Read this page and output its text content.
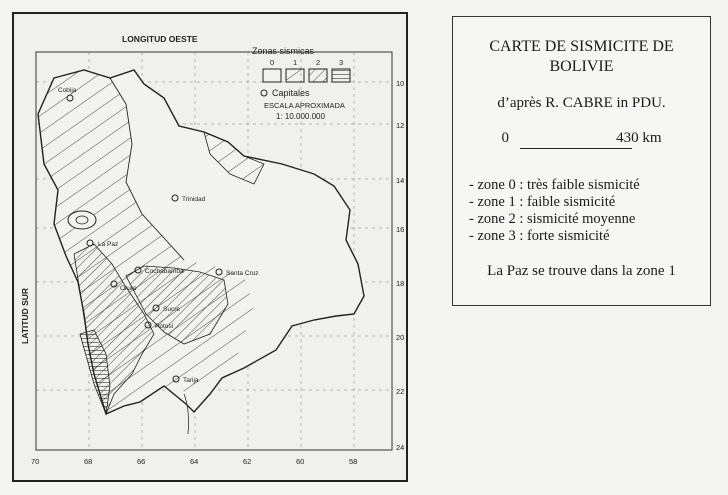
LONGITUD OESTE
LATITUD SUR
Zonas sismicas
0	1	2	3
Capitales
ESCALA APROXIMADA
1: 10.000.000
10
12
14
16
18
20
22
24
70	68	66	64	62	60	58
Cobija
Trinidad
La Paz
Cochabamba	Santa Cruz
Oruro
Sucre
Potosí
Tarija
CARTE DE SISMICITE DE
BOLIVIE
d’après R. CABRE in PDU.
0	430 km
- zone 0 : très faible sismicité
- zone 1 : faible sismicité
- zone 2 : sismicité moyenne
- zone 3 : forte sismicité
La Paz se trouve dans la zone 1
